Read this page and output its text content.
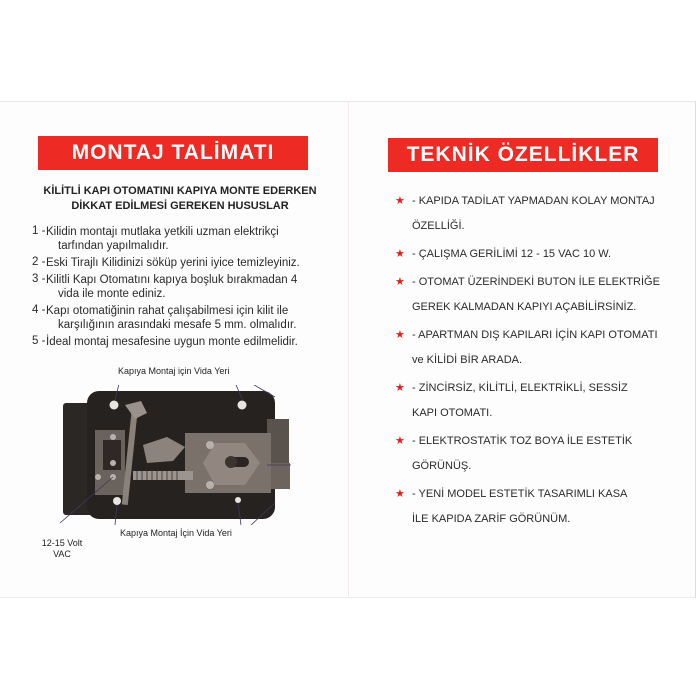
MONTAJ TALİMATI
KİLİTLİ KAPI OTOMATINI KAPIYA MONTE EDERKEN
DİKKAT EDİLMESİ GEREKEN HUSUSLAR
1 - Kilidin montajı mutlaka yetkili uzman elektrikçi
tarfından yapılmalıdır.
2 - Eski Tirajlı Kilidinizi söküp yerini iyice temizleyiniz.
3 - Kilitli Kapı Otomatını kapıya boşluk bırakmadan 4
vida ile monte ediniz.
4 - Kapı otomatiğinin rahat çalışabilmesi için kilit ile
karşılığının arasındaki mesafe 5 mm. olmalıdır.
5 - İdeal montaj mesafesine uygun monte edilmelidir.
Kapıya Montaj için Vida Yeri
Kapıya Montaj İçin Vida Yeri
12-15 Volt
VAC
TEKNİK ÖZELLİKLER
★ - KAPIDA TADİLAT YAPMADAN KOLAY MONTAJ
ÖZELLİĞİ.
★ - ÇALIŞMA GERİLİMİ 12 - 15 VAC 10 W.
★ - OTOMAT ÜZERİNDEKİ BUTON İLE ELEKTRİĞE
GEREK KALMADAN KAPIYI AÇABİLİRSİNİZ.
★ - APARTMAN DIŞ KAPILARI İÇİN KAPI OTOMATI
ve KİLİDİ BİR ARADA.
★ - ZİNCİRSİZ, KİLİTLİ, ELEKTRİKLİ, SESSİZ
KAPI OTOMATI.
★ - ELEKTROSTATİK TOZ BOYA İLE ESTETİK
GÖRÜNÜŞ.
★ - YENİ MODEL ESTETİK TASARIMLI KASA
İLE KAPIDA ZARİF GÖRÜNÜM.
